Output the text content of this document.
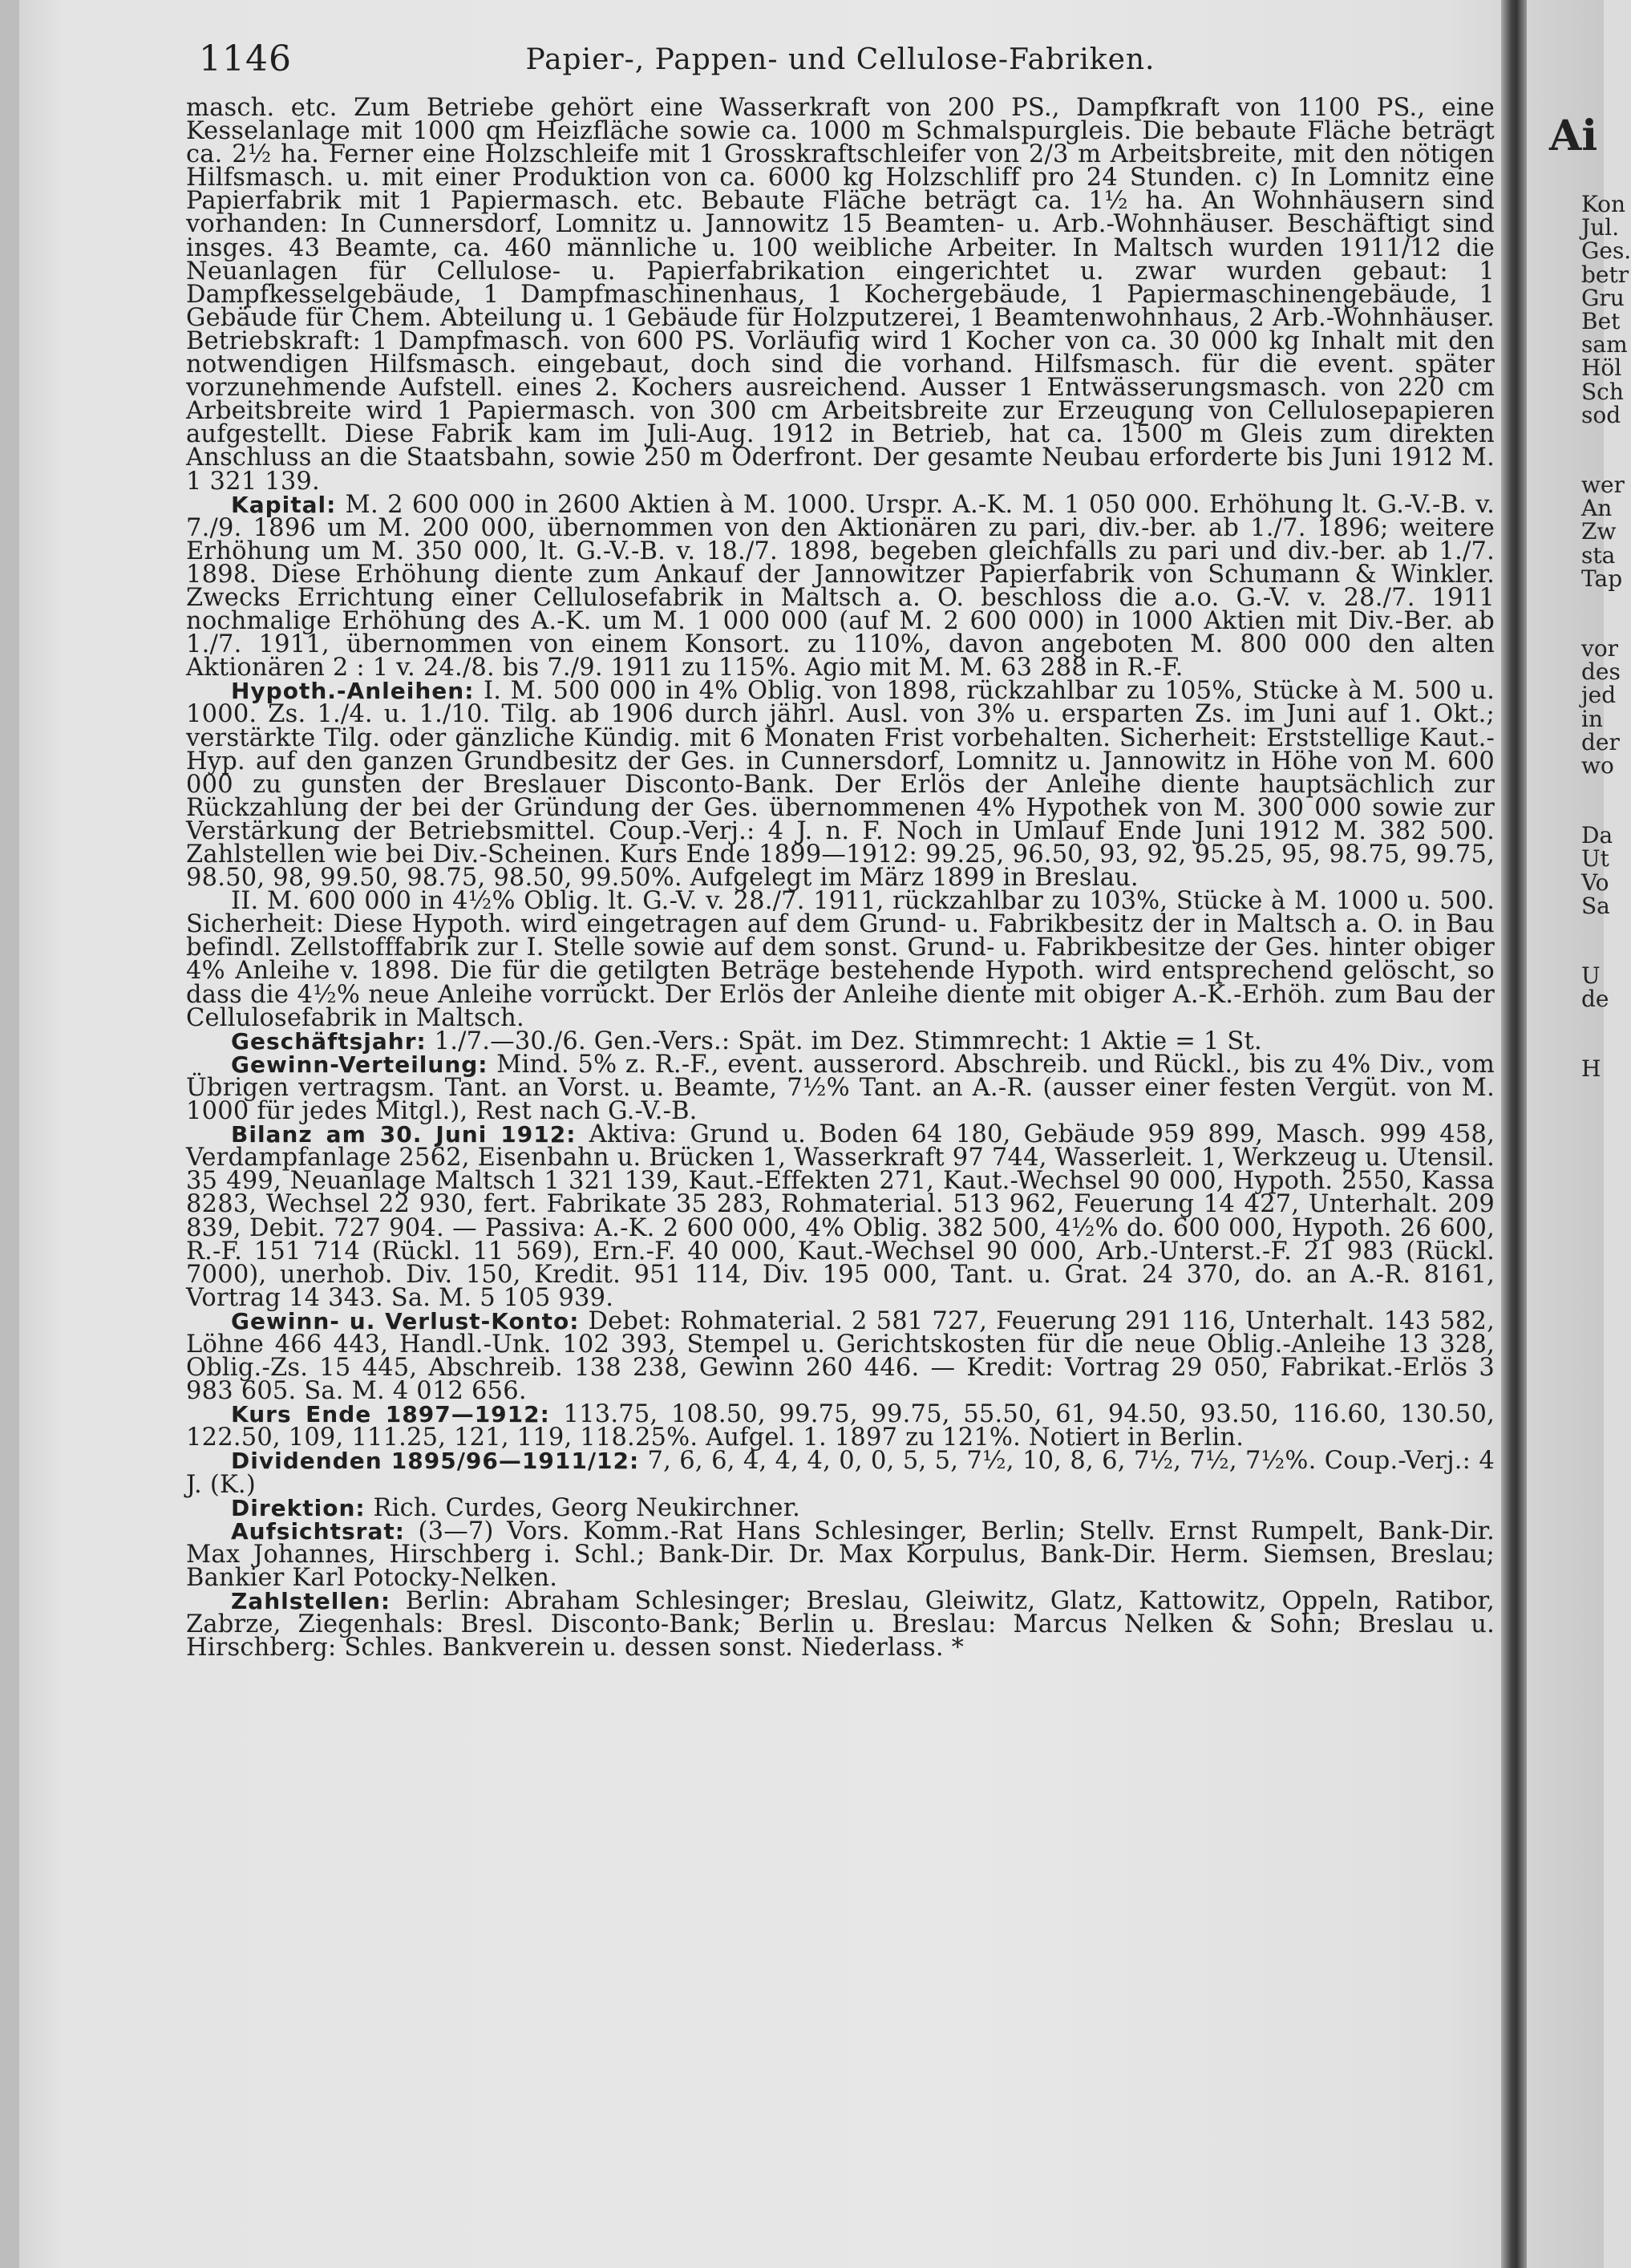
1146	Papier-, Pappen- und Cellulose-Fabriken.

masch. etc. Zum Betriebe gehört eine Wasserkraft von 200 PS., Dampfkraft von 1100 PS., eine Kesselanlage mit 1000 qm Heizfläche sowie ca. 1000 m Schmalspurgleis. Die bebaute Fläche beträgt ca. 2½ ha. Ferner eine Holzschleife mit 1 Grosskraftschleifer von 2/3 m Arbeitsbreite, mit den nötigen Hilfsmasch. u. mit einer Produktion von ca. 6000 kg Holzschliff pro 24 Stunden. c) In Lomnitz eine Papierfabrik mit 1 Papiermasch. etc. Bebaute Fläche beträgt ca. 1½ ha. An Wohnhäusern sind vorhanden: In Cunnersdorf, Lomnitz u. Jannowitz 15 Beamten- u. Arb.-Wohnhäuser. Beschäftigt sind insges. 43 Beamte, ca. 460 männliche u. 100 weibliche Arbeiter. In Maltsch wurden 1911/12 die Neuanlagen für Cellulose- u. Papierfabrikation eingerichtet u. zwar wurden gebaut: 1 Dampfkesselgebäude, 1 Dampfmaschinenhaus, 1 Kochergebäude, 1 Papiermaschinengebäude, 1 Gebäude für Chem. Abteilung u. 1 Gebäude für Holzputzerei, 1 Beamtenwohnhaus, 2 Arb.-Wohnhäuser. Betriebskraft: 1 Dampfmasch. von 600 PS. Vorläufig wird 1 Kocher von ca. 30 000 kg Inhalt mit den notwendigen Hilfsmasch. eingebaut, doch sind die vorhand. Hilfsmasch. für die event. später vorzunehmende Aufstell. eines 2. Kochers ausreichend. Ausser 1 Entwässerungsmasch. von 220 cm Arbeitsbreite wird 1 Papiermasch. von 300 cm Arbeitsbreite zur Erzeugung von Cellulosepapieren aufgestellt. Diese Fabrik kam im Juli-Aug. 1912 in Betrieb, hat ca. 1500 m Gleis zum direkten Anschluss an die Staatsbahn, sowie 250 m Oderfront. Der gesamte Neubau erforderte bis Juni 1912 M. 1 321 139.

Kapital: M. 2 600 000 in 2600 Aktien à M. 1000. Urspr. A.-K. M. 1 050 000. Erhöhung lt. G.-V.-B. v. 7./9. 1896 um M. 200 000, übernommen von den Aktionären zu pari, div.-ber. ab 1./7. 1896; weitere Erhöhung um M. 350 000, lt. G.-V.-B. v. 18./7. 1898, begeben gleichfalls zu pari und div.-ber. ab 1./7. 1898. Diese Erhöhung diente zum Ankauf der Jannowitzer Papierfabrik von Schumann & Winkler. Zwecks Errichtung einer Cellulosefabrik in Maltsch a. O. beschloss die a.o. G.-V. v. 28./7. 1911 nochmalige Erhöhung des A.-K. um M. 1 000 000 (auf M. 2 600 000) in 1000 Aktien mit Div.-Ber. ab 1./7. 1911, übernommen von einem Konsort. zu 110%, davon angeboten M. 800 000 den alten Aktionären 2 : 1 v. 24./8. bis 7./9. 1911 zu 115%. Agio mit M. M. 63 288 in R.-F.

Hypoth.-Anleihen: I. M. 500 000 in 4% Oblig. von 1898, rückzahlbar zu 105%, Stücke à M. 500 u. 1000. Zs. 1./4. u. 1./10. Tilg. ab 1906 durch jährl. Ausl. von 3% u. ersparten Zs. im Juni auf 1. Okt.; verstärkte Tilg. oder gänzliche Kündig. mit 6 Monaten Frist vorbehalten. Sicherheit: Erststellige Kaut.-Hyp. auf den ganzen Grundbesitz der Ges. in Cunnersdorf, Lomnitz u. Jannowitz in Höhe von M. 600 000 zu gunsten der Breslauer Disconto-Bank. Der Erlös der Anleihe diente hauptsächlich zur Rückzahlung der bei der Gründung der Ges. übernommenen 4% Hypothek von M. 300 000 sowie zur Verstärkung der Betriebsmittel. Coup.-Verj.: 4 J. n. F. Noch in Umlauf Ende Juni 1912 M. 382 500. Zahlstellen wie bei Div.-Scheinen. Kurs Ende 1899—1912: 99.25, 96.50, 93, 92, 95.25, 95, 98.75, 99.75, 98.50, 98, 99.50, 98.75, 98.50, 99.50%. Aufgelegt im März 1899 in Breslau.

II. M. 600 000 in 4½% Oblig. lt. G.-V. v. 28./7. 1911, rückzahlbar zu 103%, Stücke à M. 1000 u. 500. Sicherheit: Diese Hypoth. wird eingetragen auf dem Grund- u. Fabrikbesitz der in Maltsch a. O. in Bau befindl. Zellstofffabrik zur I. Stelle sowie auf dem sonst. Grund- u. Fabrikbesitze der Ges. hinter obiger 4% Anleihe v. 1898. Die für die getilgten Beträge bestehende Hypoth. wird entsprechend gelöscht, so dass die 4½% neue Anleihe vorrückt. Der Erlös der Anleihe diente mit obiger A.-K.-Erhöh. zum Bau der Cellulosefabrik in Maltsch.

Geschäftsjahr: 1./7.—30./6. Gen.-Vers.: Spät. im Dez. Stimmrecht: 1 Aktie = 1 St.

Gewinn-Verteilung: Mind. 5% z. R.-F., event. ausserord. Abschreib. und Rückl., bis zu 4% Div., vom Übrigen vertragsm. Tant. an Vorst. u. Beamte, 7½% Tant. an A.-R. (ausser einer festen Vergüt. von M. 1000 für jedes Mitgl.), Rest nach G.-V.-B.

Bilanz am 30. Juni 1912: Aktiva: Grund u. Boden 64 180, Gebäude 959 899, Masch. 999 458, Verdampfanlage 2562, Eisenbahn u. Brücken 1, Wasserkraft 97 744, Wasserleit. 1, Werkzeug u. Utensil. 35 499, Neuanlage Maltsch 1 321 139, Kaut.-Effekten 271, Kaut.-Wechsel 90 000, Hypoth. 2550, Kassa 8283, Wechsel 22 930, fert. Fabrikate 35 283, Rohmaterial. 513 962, Feuerung 14 427, Unterhalt. 209 839, Debit. 727 904. — Passiva: A.-K. 2 600 000, 4% Oblig. 382 500, 4½% do. 600 000, Hypoth. 26 600, R.-F. 151 714 (Rückl. 11 569), Ern.-F. 40 000, Kaut.-Wechsel 90 000, Arb.-Unterst.-F. 21 983 (Rückl. 7000), unerhob. Div. 150, Kredit. 951 114, Div. 195 000, Tant. u. Grat. 24 370, do. an A.-R. 8161, Vortrag 14 343. Sa. M. 5 105 939.

Gewinn- u. Verlust-Konto: Debet: Rohmaterial. 2 581 727, Feuerung 291 116, Unterhalt. 143 582, Löhne 466 443, Handl.-Unk. 102 393, Stempel u. Gerichtskosten für die neue Oblig.-Anleihe 13 328, Oblig.-Zs. 15 445, Abschreib. 138 238, Gewinn 260 446. — Kredit: Vortrag 29 050, Fabrikat.-Erlös 3 983 605. Sa. M. 4 012 656.

Kurs Ende 1897—1912: 113.75, 108.50, 99.75, 99.75, 55.50, 61, 94.50, 93.50, 116.60, 130.50, 122.50, 109, 111.25, 121, 119, 118.25%. Aufgel. 1. 1897 zu 121%. Notiert in Berlin.

Dividenden 1895/96—1911/12: 7, 6, 6, 4, 4, 4, 0, 0, 5, 5, 7½, 10, 8, 6, 7½, 7½, 7½%. Coup.-Verj.: 4 J. (K.)

Direktion: Rich. Curdes, Georg Neukirchner.

Aufsichtsrat: (3—7) Vors. Komm.-Rat Hans Schlesinger, Berlin; Stellv. Ernst Rumpelt, Bank-Dir. Max Johannes, Hirschberg i. Schl.; Bank-Dir. Dr. Max Korpulus, Bank-Dir. Herm. Siemsen, Breslau; Bankier Karl Potocky-Nelken.

Zahlstellen: Berlin: Abraham Schlesinger; Breslau, Gleiwitz, Glatz, Kattowitz, Oppeln, Ratibor, Zabrze, Ziegenhals: Bresl. Disconto-Bank; Berlin u. Breslau: Marcus Nelken & Sohn; Breslau u. Hirschberg: Schles. Bankverein u. dessen sonst. Niederlass. *

Ai

Kon
Jul.
Ges.
betr
Gru
Bet
sam
Höl
Sch
sod
wer
An
Zw
sta
Tap
vor
des
jed
in
der
wo
Da
Ut
Vo
Sa
U
de
H
